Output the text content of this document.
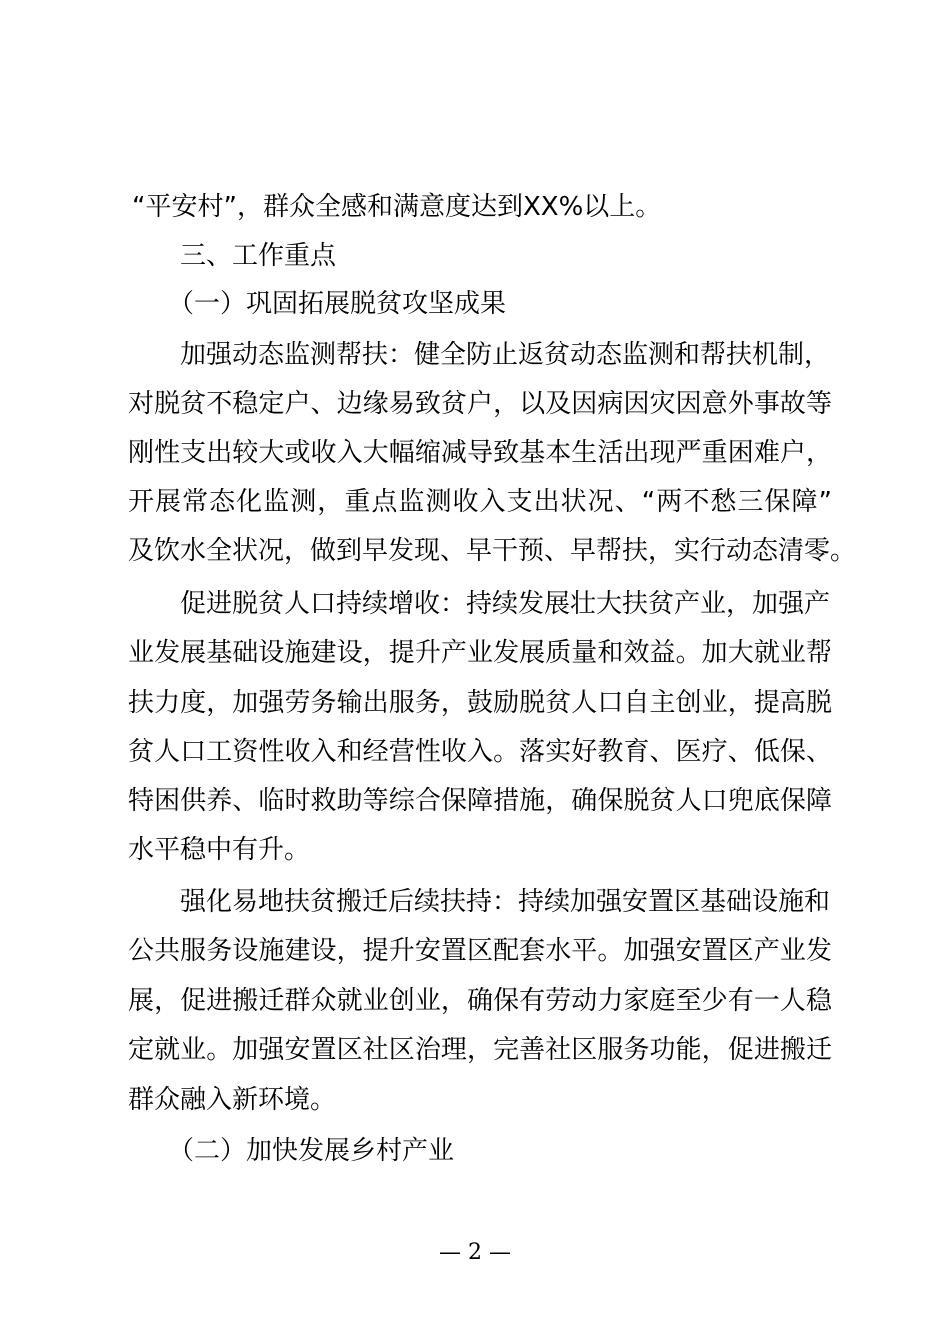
“平安村”，群众全感和满意度达到XX%以上。
三、工作重点
（一）巩固拓展脱贫攻坚成果
加强动态监测帮扶：健全防止返贫动态监测和帮扶机制，
对脱贫不稳定户、边缘易致贫户，以及因病因灾因意外事故等
刚性支出较大或收入大幅缩减导致基本生活出现严重困难户，
开展常态化监测，重点监测收入支出状况、“两不愁三保障”
及饮水全状况，做到早发现、早干预、早帮扶，实行动态清零。
促进脱贫人口持续增收：持续发展壮大扶贫产业，加强产
业发展基础设施建设，提升产业发展质量和效益。加大就业帮
扶力度，加强劳务输出服务，鼓励脱贫人口自主创业，提高脱
贫人口工资性收入和经营性收入。落实好教育、医疗、低保、
特困供养、临时救助等综合保障措施，确保脱贫人口兜底保障
水平稳中有升。
强化易地扶贫搬迁后续扶持：持续加强安置区基础设施和
公共服务设施建设，提升安置区配套水平。加强安置区产业发
展，促进搬迁群众就业创业，确保有劳动力家庭至少有一人稳
定就业。加强安置区社区治理，完善社区服务功能，促进搬迁
群众融入新环境。
（二）加快发展乡村产业
— 2 —
